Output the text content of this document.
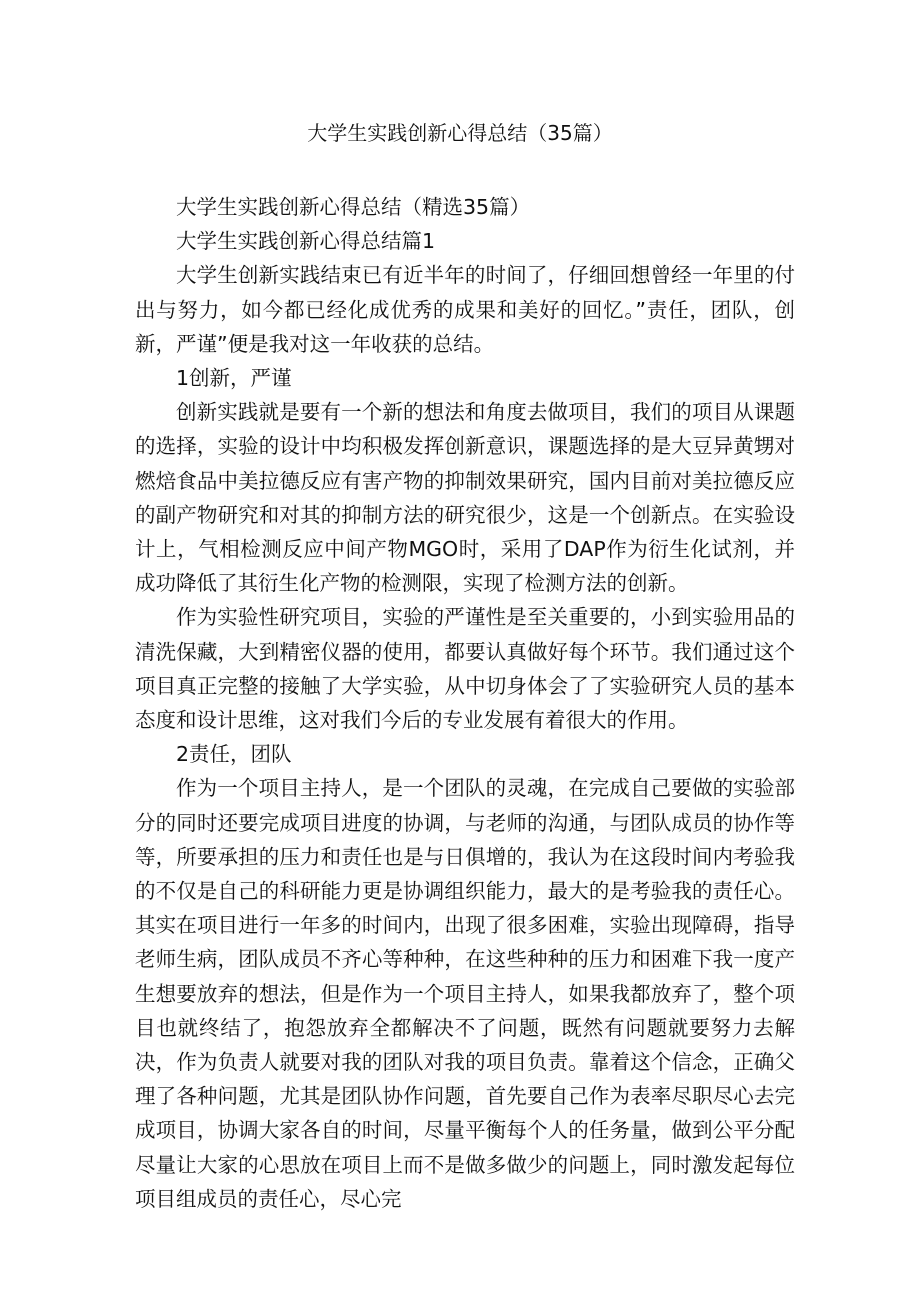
大学生实践创新心得总结（35篇）

大学生实践创新心得总结（精选35篇）

大学生实践创新心得总结篇1

大学生创新实践结束已有近半年的时间了，仔细回想曾经一年里的付出与努力，如今都已经化成优秀的成果和美好的回忆。”责任，团队，创新，严谨”便是我对这一年收获的总结。

1创新，严谨

创新实践就是要有一个新的想法和角度去做项目，我们的项目从课题的选择，实验的设计中均积极发挥创新意识，课题选择的是大豆异黄甥对燃焙食品中美拉德反应有害产物的抑制效果研究，国内目前对美拉德反应的副产物研究和对其的抑制方法的研究很少，这是一个创新点。在实验设计上，气相检测反应中间产物MGO时，采用了DAP作为衍生化试剂，并成功降低了其衍生化产物的检测限，实现了检测方法的创新。

作为实验性研究项目，实验的严谨性是至关重要的，小到实验用品的清洗保藏，大到精密仪器的使用，都要认真做好每个环节。我们通过这个项目真正完整的接触了大学实验，从中切身体会了了实验研究人员的基本态度和设计思维，这对我们今后的专业发展有着很大的作用。

2责任，团队

作为一个项目主持人，是一个团队的灵魂，在完成自己要做的实验部分的同时还要完成项目进度的协调，与老师的沟通，与团队成员的协作等等，所要承担的压力和责任也是与日俱增的，我认为在这段时间内考验我的不仅是自己的科研能力更是协调组织能力，最大的是考验我的责任心。其实在项目进行一年多的时间内，出现了很多困难，实验出现障碍，指导老师生病，团队成员不齐心等种种，在这些种种的压力和困难下我一度产生想要放弃的想法，但是作为一个项目主持人，如果我都放弃了，整个项目也就终结了，抱怨放弃全都解决不了问题，既然有问题就要努力去解决，作为负责人就要对我的团队对我的项目负责。靠着这个信念，正确父理了各种问题，尤其是团队协作问题，首先要自己作为表率尽职尽心去完成项目，协调大家各自的时间，尽量平衡每个人的任务量，做到公平分配尽量让大家的心思放在项目上而不是做多做少的问题上，同时激发起每位项目组成员的责任心，尽心完
